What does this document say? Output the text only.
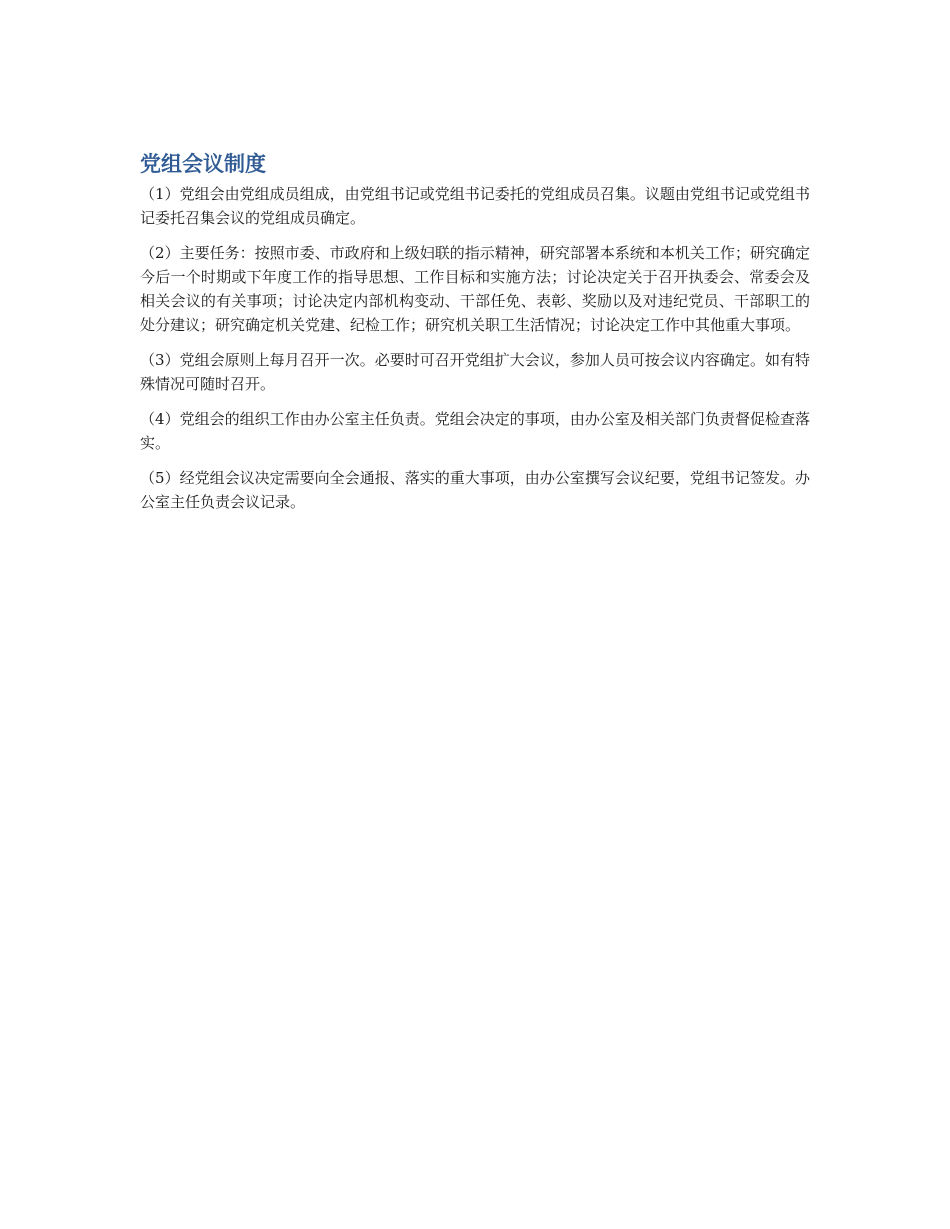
党组会议制度

（1）党组会由党组成员组成，由党组书记或党组书记委托的党组成员召集。议题由党组书记或党组书记委托召集会议的党组成员确定。

（2）主要任务：按照市委、市政府和上级妇联的指示精神，研究部署本系统和本机关工作；研究确定今后一个时期或下年度工作的指导思想、工作目标和实施方法；讨论决定关于召开执委会、常委会及相关会议的有关事项；讨论决定内部机构变动、干部任免、表彰、奖励以及对违纪党员、干部职工的处分建议；研究确定机关党建、纪检工作；研究机关职工生活情况；讨论决定工作中其他重大事项。

（3）党组会原则上每月召开一次。必要时可召开党组扩大会议，参加人员可按会议内容确定。如有特殊情况可随时召开。

（4）党组会的组织工作由办公室主任负责。党组会决定的事项，由办公室及相关部门负责督促检查落实。

（5）经党组会议决定需要向全会通报、落实的重大事项，由办公室撰写会议纪要，党组书记签发。办公室主任负责会议记录。
